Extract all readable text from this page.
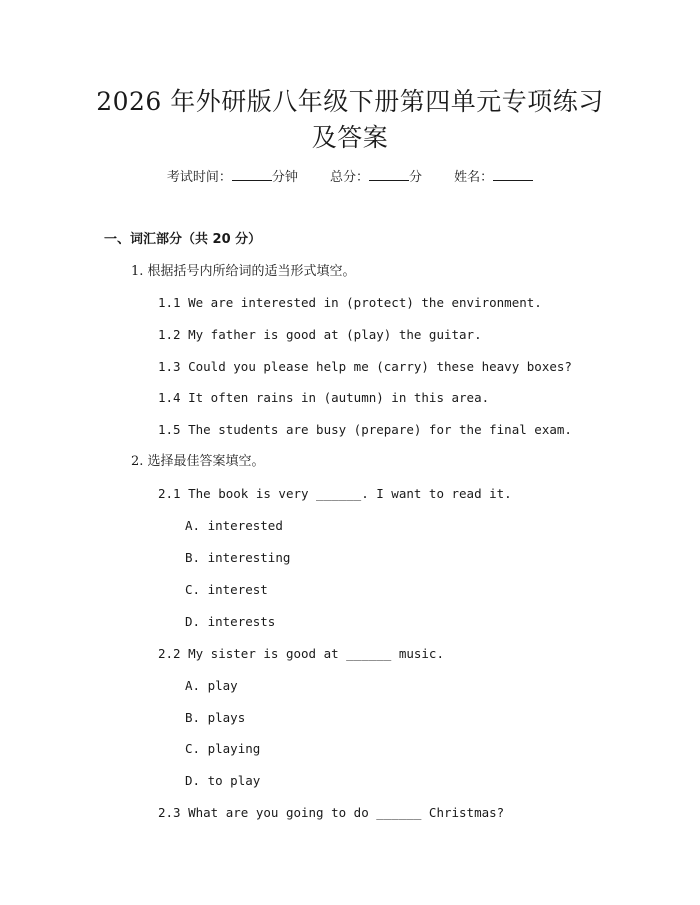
2026 年外研版八年级下册第四单元专项练习
及答案
考试时间：	分钟 总分：	分 姓名：
一、词汇部分（共 20 分）
1. 根据括号内所给词的适当形式填空。
1.1 We are interested in (protect) the environment.
1.2 My father is good at (play) the guitar.
1.3 Could you please help me (carry) these heavy boxes?
1.4 It often rains in (autumn) in this area.
1.5 The students are busy (prepare) for the final exam.
2. 选择最佳答案填空。
2.1 The book is very ______. I want to read it.
A. interested
B. interesting
C. interest
D. interests
2.2 My sister is good at ______ music.
A. play
B. plays
C. playing
D. to play
2.3 What are you going to do ______ Christmas?
